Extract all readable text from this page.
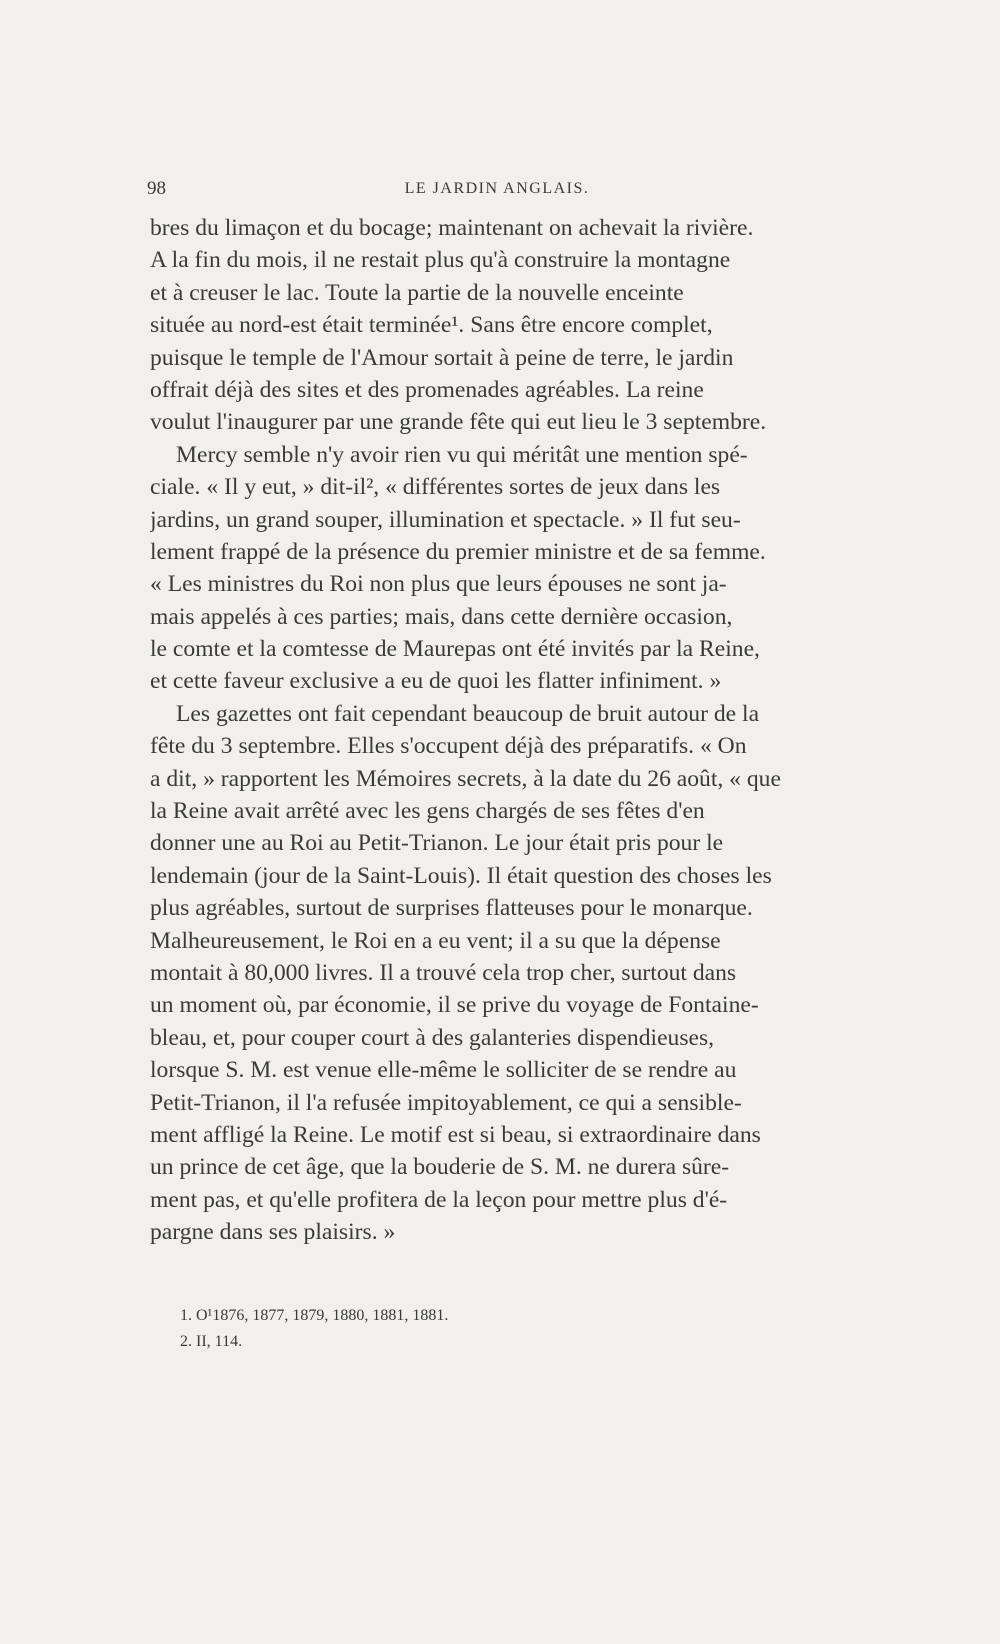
98	LE JARDIN ANGLAIS.
bres du limaçon et du bocage; maintenant on achevait la rivière.
A la fin du mois, il ne restait plus qu'à construire la montagne
et à creuser le lac. Toute la partie de la nouvelle enceinte
située au nord-est était terminée¹. Sans être encore complet,
puisque le temple de l'Amour sortait à peine de terre, le jardin
offrait déjà des sites et des promenades agréables. La reine
voulut l'inaugurer par une grande fête qui eut lieu le 3 septembre.
Mercy semble n'y avoir rien vu qui méritât une mention spé-
ciale. « Il y eut, » dit-il², « différentes sortes de jeux dans les
jardins, un grand souper, illumination et spectacle. » Il fut seu-
lement frappé de la présence du premier ministre et de sa femme.
« Les ministres du Roi non plus que leurs épouses ne sont ja-
mais appelés à ces parties; mais, dans cette dernière occasion,
le comte et la comtesse de Maurepas ont été invités par la Reine,
et cette faveur exclusive a eu de quoi les flatter infiniment. »
Les gazettes ont fait cependant beaucoup de bruit autour de la
fête du 3 septembre. Elles s'occupent déjà des préparatifs. « On
a dit, » rapportent les Mémoires secrets, à la date du 26 août, « que
la Reine avait arrêté avec les gens chargés de ses fêtes d'en
donner une au Roi au Petit-Trianon. Le jour était pris pour le
lendemain (jour de la Saint-Louis). Il était question des choses les
plus agréables, surtout de surprises flatteuses pour le monarque.
Malheureusement, le Roi en a eu vent; il a su que la dépense
montait à 80,000 livres. Il a trouvé cela trop cher, surtout dans
un moment où, par économie, il se prive du voyage de Fontaine-
bleau, et, pour couper court à des galanteries dispendieuses,
lorsque S. M. est venue elle-même le solliciter de se rendre au
Petit-Trianon, il l'a refusée impitoyablement, ce qui a sensible-
ment affligé la Reine. Le motif est si beau, si extraordinaire dans
un prince de cet âge, que la bouderie de S. M. ne durera sûre-
ment pas, et qu'elle profitera de la leçon pour mettre plus d'é-
pargne dans ses plaisirs. »
1. O¹1876, 1877, 1879, 1880, 1881, 1881.
2. II, 114.
